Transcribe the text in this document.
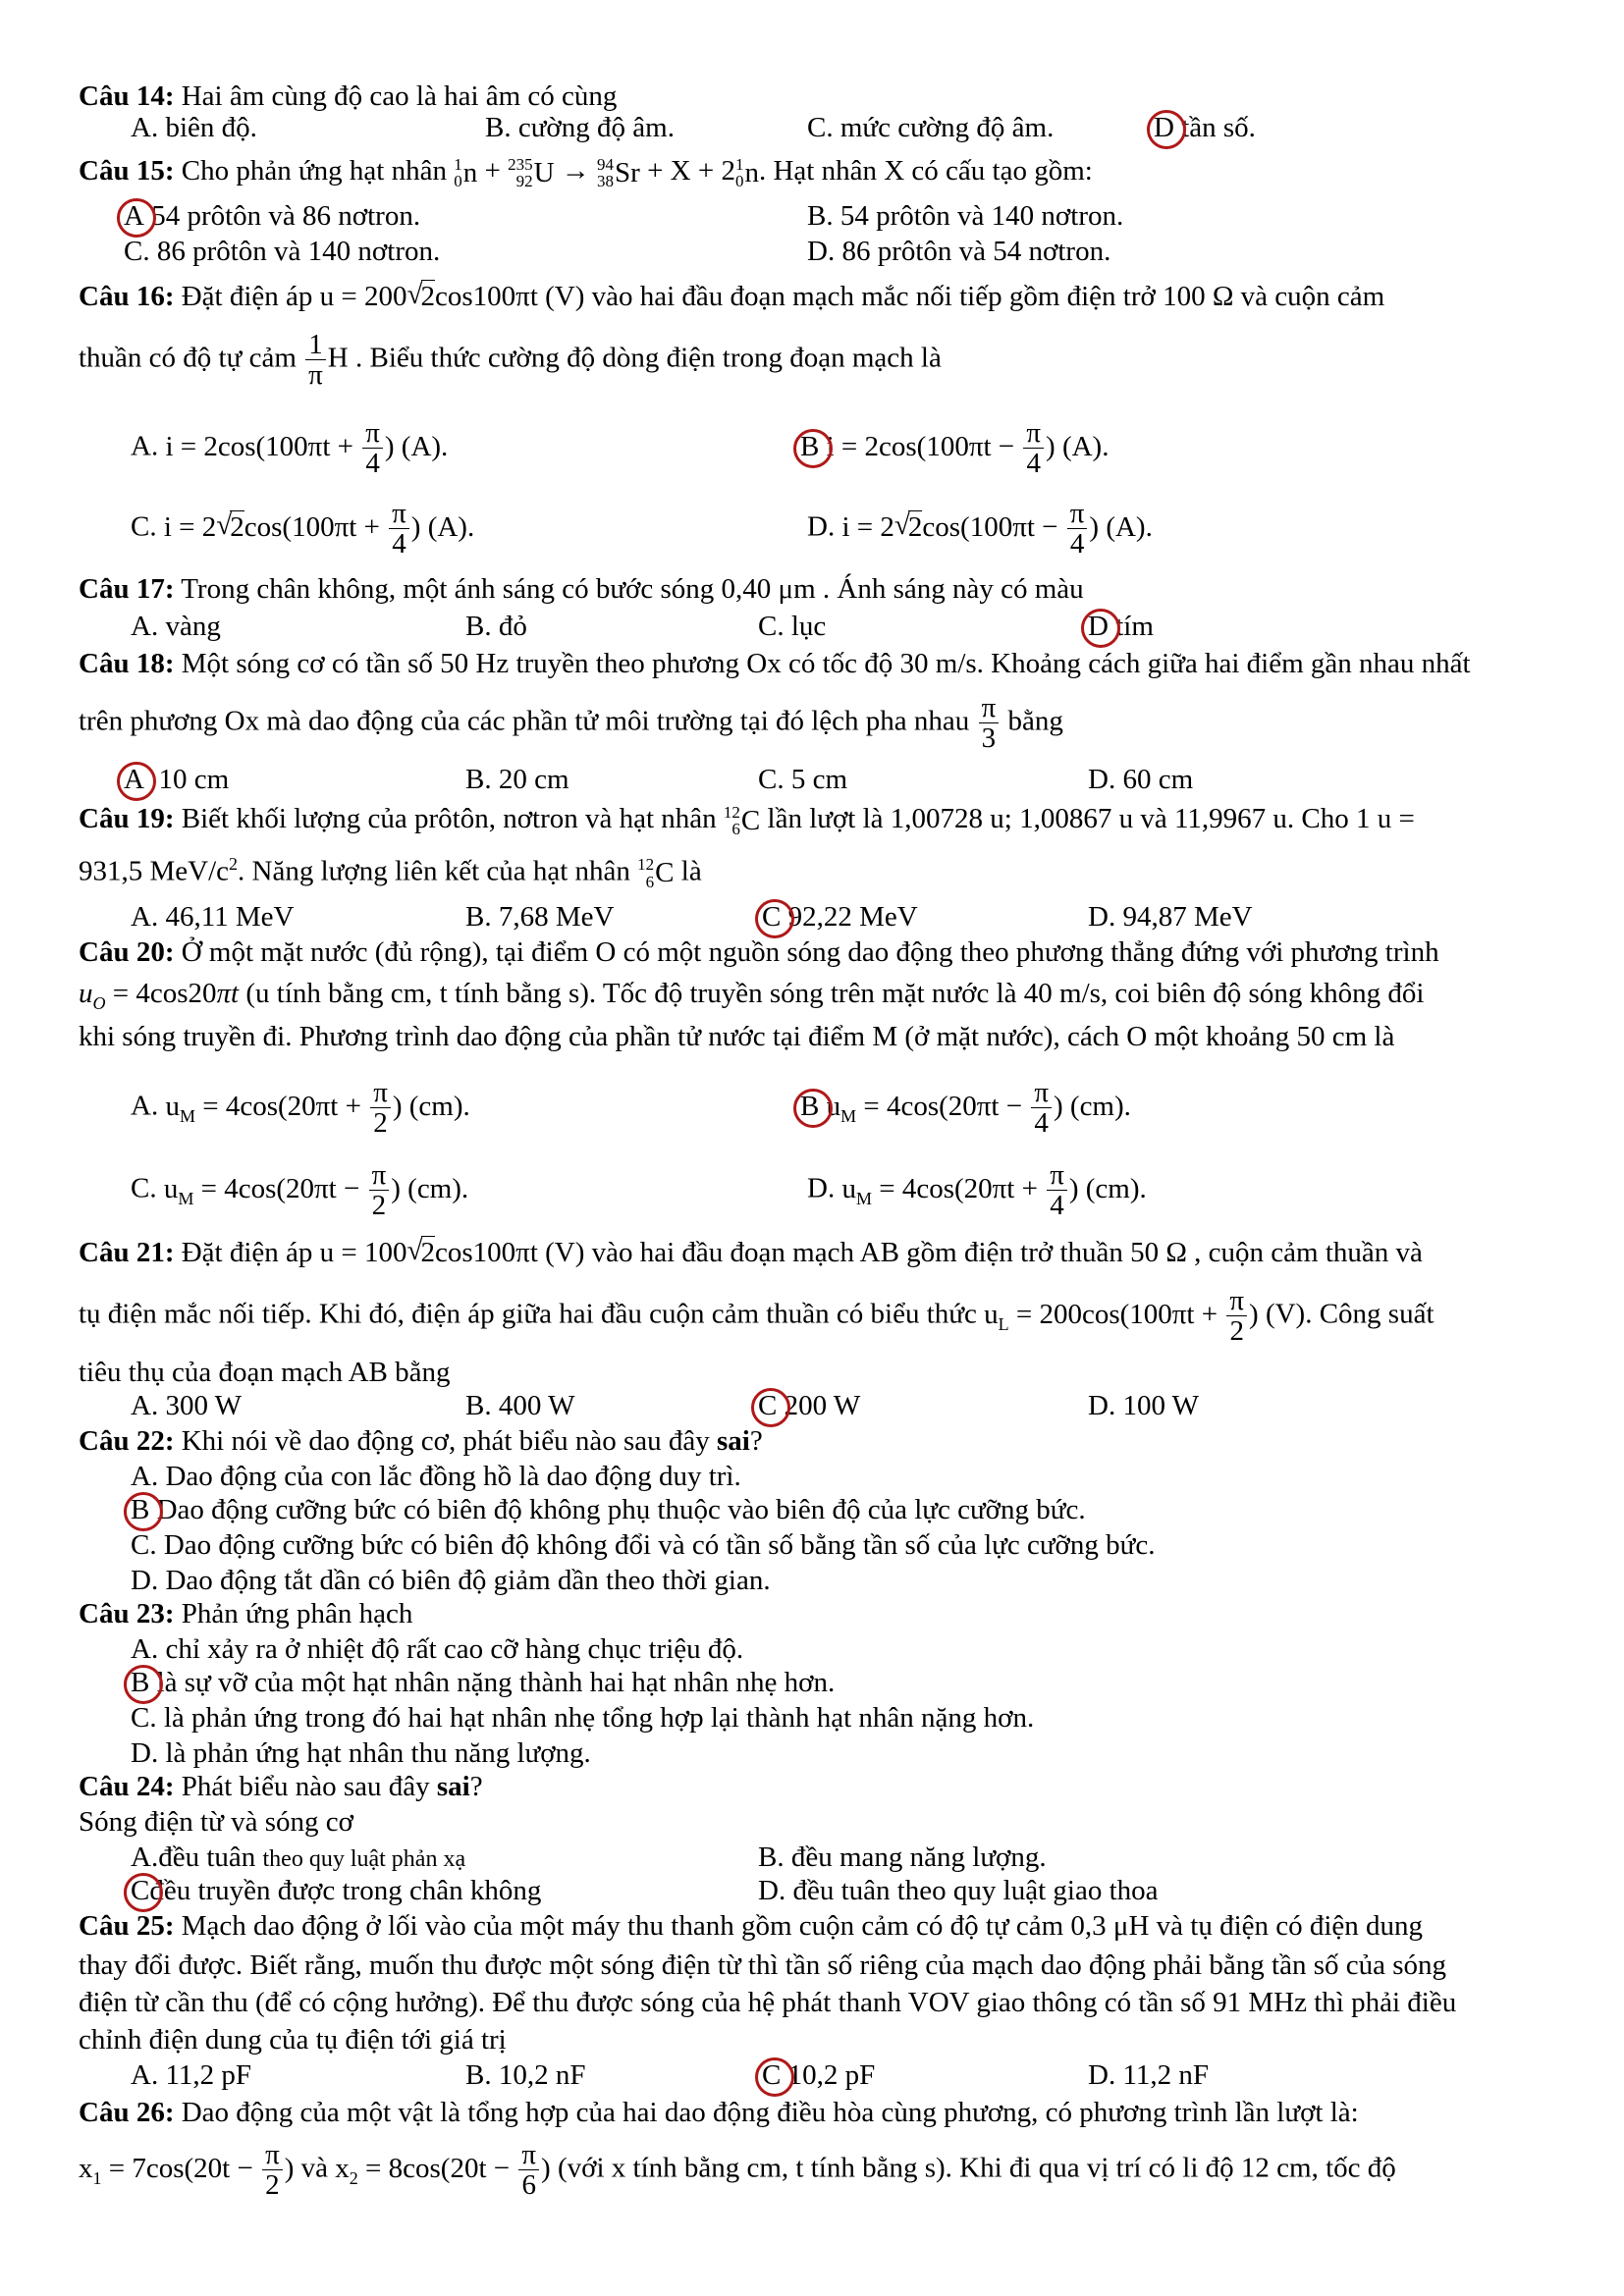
Câu 14: Hai âm cùng độ cao là hai âm có cùng
A. biên độ.	B. cường độ âm.	C. mức cường độ âm.	D tần số.
Câu 15: Cho phản ứng hạt nhân 1
0 n + 235
92 U → 94
38 Sr + X + 2 1
0 n. Hạt nhân X có cấu tạo gồm:
A 54 prôtôn và 86 nơtron.	B. 54 prôtôn và 140 nơtron.
C. 86 prôtôn và 140 nơtron.	D. 86 prôtôn và 54 nơtron.
Câu 16: Đặt điện áp u = 200 √ 2cos100πt (V) vào hai đầu đoạn mạch mắc nối tiếp gồm điện trở 100 Ω và cuộn cảm
thuần có độ tự cảm $\frac{1}{\pi}$ H . Biểu thức cường độ dòng điện trong đoạn mạch là
A. $i = 2\cos(100\pi t + \frac{\pi}{4}$ ) (A).	B $i = 2\cos(100\pi t - \frac{\pi}{4}$ ) (A).
C. i = 2 √ $2\cos(100\pi t + \frac{\pi}{4}$ ) (A).	D. i = 2 √ $2\cos(100\pi t - \frac{\pi}{4}$ ) (A).
Câu 17: Trong chân không, một ánh sáng có bước sóng 0,40 μm . Ánh sáng này có màu
A. vàng	B. đỏ	C. lục	D tím
Câu 18: Một sóng cơ có tần số 50 Hz truyền theo phương Ox có tốc độ 30 m/s. Khoảng cách giữa hai điểm gần nhau nhất
trên phương Ox mà dao động của các phần tử môi trường tại đó lệch pha nhau $\frac{\pi}{3}$ bằng
A 10 cm	B. 20 cm	C. 5 cm	D. 60 cm
Câu 19: Biết khối lượng của prôtôn, nơtron và hạt nhân 12
6 C lần lượt là 1,00728 u; 1,00867 u và 11,9967 u. Cho 1 u =
931,5 MeV/$c^2$. Năng lượng liên kết của hạt nhân 12
6 C là
A. 46,11 MeV	B. 7,68 MeV	C 92,22 MeV	D. 94,87 MeV
Câu 20: Ở một mặt nước (đủ rộng), tại điểm O có một nguồn sóng dao động theo phương thẳng đứng với phương trình
$u_O = 4\cos 20\pi t$ (u tính bằng cm, t tính bằng s). Tốc độ truyền sóng trên mặt nước là 40 m/s, coi biên độ sóng không đổi
khi sóng truyền đi. Phương trình dao động của phần tử nước tại điểm M (ở mặt nước), cách O một khoảng 50 cm là
A. $u_M = 4\cos(20\pi t + \frac{\pi}{2}$ ) (cm).	B $u_M = 4\cos(20\pi t - \frac{\pi}{4}$ ) (cm).
C. $u_M = 4\cos(20\pi t - \frac{\pi}{2}$ ) (cm).	D. $u_M = 4\cos(20\pi t + \frac{\pi}{4}$ ) (cm).
Câu 21: Đặt điện áp u = 100 √ 2cos100πt (V) vào hai đầu đoạn mạch AB gồm điện trở thuần 50 Ω , cuộn cảm thuần và
tụ điện mắc nối tiếp. Khi đó, điện áp giữa hai đầu cuộn cảm thuần có biểu thức $u_L = 200\cos(100\pi t + \frac{\pi}{2}$ ) (V). Công suất
tiêu thụ của đoạn mạch AB bằng
A. 300 W	B. 400 W	C 200 W	D. 100 W
Câu 22: Khi nói về dao động cơ, phát biểu nào sau đây sai?
A. Dao động của con lắc đồng hồ là dao động duy trì.
B Dao động cưỡng bức có biên độ không phụ thuộc vào biên độ của lực cưỡng bức.
C. Dao động cưỡng bức có biên độ không đổi và có tần số bằng tần số của lực cưỡng bức.
D. Dao động tắt dần có biên độ giảm dần theo thời gian.
Câu 23: Phản ứng phân hạch
A. chỉ xảy ra ở nhiệt độ rất cao cỡ hàng chục triệu độ.
B là sự vỡ của một hạt nhân nặng thành hai hạt nhân nhẹ hơn.
C. là phản ứng trong đó hai hạt nhân nhẹ tổng hợp lại thành hạt nhân nặng hơn.
D. là phản ứng hạt nhân thu năng lượng.
Câu 24: Phát biểu nào sau đây sai?
Sóng điện từ và sóng cơ
A.đều tuân theo quy luật phản xạ	B. đều mang năng lượng.
Cđều truyền được trong chân không	D. đều tuân theo quy luật giao thoa
Câu 25: Mạch dao động ở lối vào của một máy thu thanh gồm cuộn cảm có độ tự cảm 0,3 μH và tụ điện có điện dung
thay đổi được. Biết rằng, muốn thu được một sóng điện từ thì tần số riêng của mạch dao động phải bằng tần số của sóng
điện từ cần thu (để có cộng hưởng). Để thu được sóng của hệ phát thanh VOV giao thông có tần số 91 MHz thì phải điều
chỉnh điện dung của tụ điện tới giá trị
A. 11,2 pF	B. 10,2 nF	C 10,2 pF	D. 11,2 nF
Câu 26: Dao động của một vật là tổng hợp của hai dao động điều hòa cùng phương, có phương trình lần lượt là:
$x_1 = 7\cos(20t - \frac{\pi}{2}$ ) và $x_2 = 8\cos(20t - \frac{\pi}{6}$ ) (với x tính bằng cm, t tính bằng s). Khi đi qua vị trí có li độ 12 cm, tốc độ
